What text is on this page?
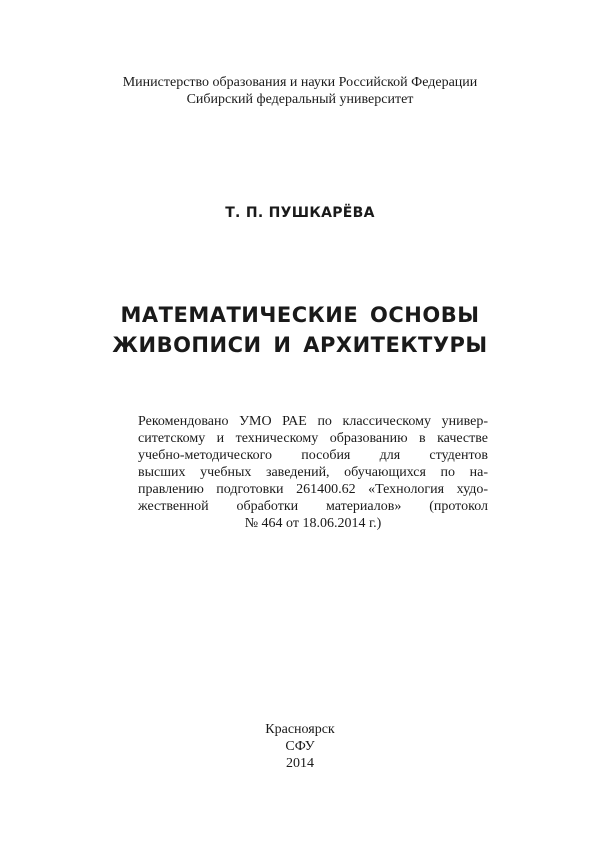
Министерство образования и науки Российской Федерации
Сибирский федеральный университет
Т. П. ПУШКАРЁВА
МАТЕМАТИЧЕСКИЕ ОСНОВЫ
ЖИВОПИСИ И АРХИТЕКТУРЫ
Рекомендовано УМО РАЕ по классическому универ-
ситетскому и техническому образованию в качестве
учебно-методического пособия для студентов
высших учебных заведений, обучающихся по на-
правлению подготовки 261400.62 «Технология худо-
жественной обработки материалов» (протокол
№ 464 от 18.06.2014 г.)
Красноярск
СФУ
2014
